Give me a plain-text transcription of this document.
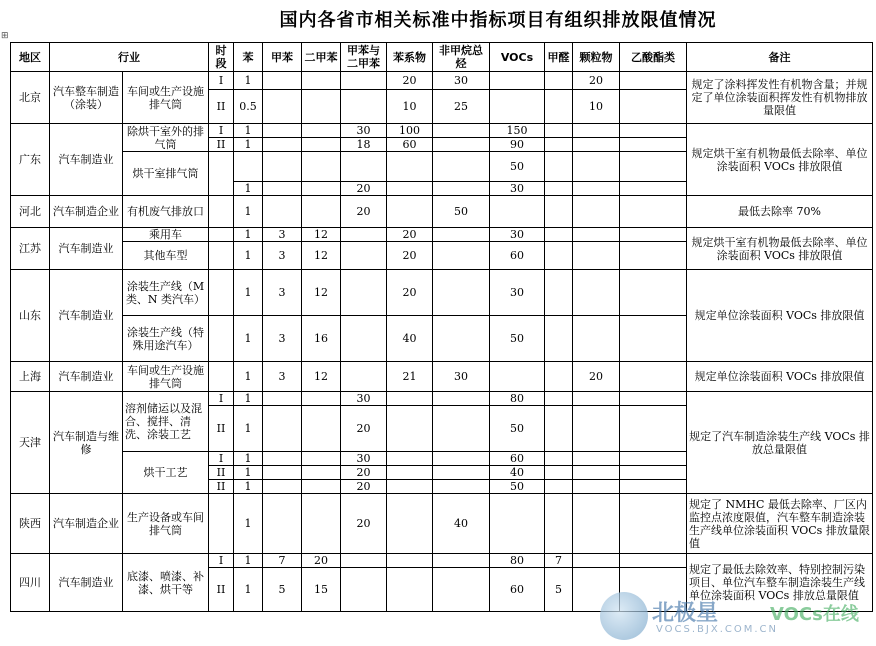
国内各省市相关标准中指标项目有组织排放限值情况
⊞
地区	行业		时段	苯	甲苯	二甲苯	甲苯与二甲苯	苯系物	非甲烷总烃	VOCs	甲醛	颗粒物	乙酸酯类	备注
北京	汽车整车制造（涂装）	车间或生产设施排气筒	I	1				20	30			20		规定了涂料挥发性有机物含量；并规定了单位涂装面积挥发性有机物排放量限值
			II	0.5				10	25			10		
广东	汽车制造业	除烘干室外的排气筒	I	1			30	100		150				规定烘干室有机物最低去除率、单位涂装面积 VOCs 排放限值
			II	1			18	60		90				
		烘干室排气筒								50				
				1			20			30				
河北	汽车制造企业	有机废气排放口		1			20		50					最低去除率 70%
江苏	汽车制造业	乘用车		1	3	12		20		30				规定烘干室有机物最低去除率、单位涂装面积 VOCs 排放限值
		其他车型		1	3	12		20		60				
山东	汽车制造业	涂装生产线（M 类、N 类汽车）		1	3	12		20		30				规定单位涂装面积 VOCs 排放限值
		涂装生产线（特殊用途汽车）		1	3	16		40		50				
上海	汽车制造业	车间或生产设施排气筒		1	3	12		21	30			20		规定单位涂装面积 VOCs 排放限值
天津	汽车制造与维修	溶剂储运以及混合、搅拌、清洗、涂装工艺	I	1			30			80				规定了汽车制造涂装生产线 VOCs 排放总量限值
			II	1			20			50				
		烘干工艺	I	1			30			60				
			II	1			20			40				
			II	1			20			50				
陕西	汽车制造企业	生产设备或车间排气筒		1			20		40					规定了 NMHC 最低去除率、厂区内监控点浓度限值，汽车整车制造涂装生产线单位涂装面积 VOCs 排放量限值
四川	汽车制造业	底漆、喷漆、补漆、烘干等	I	1	7	20				80	7			规定了最低去除效率、特别控制污染项目、单位汽车整车制造涂装生产线单位涂装面积 VOCs 排放总量限值
			II	1	5	15				60	5			
北极星	VOCs在线
VOCS.BJX.COM.CN
